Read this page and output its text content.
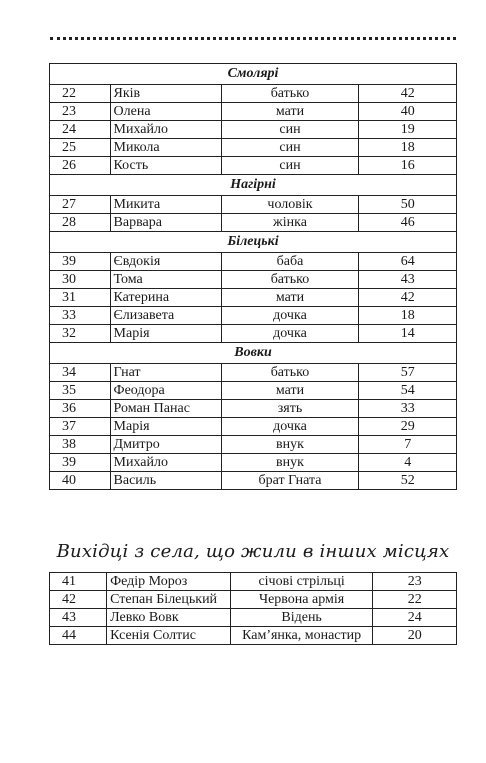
Смолярі			
22	Яків	батько	42
23	Олена	мати	40
24	Михайло	син	19
25	Микола	син	18
26	Кость	син	16
Нагірні			
27	Микита	чоловік	50
28	Варвара	жінка	46
Білецькі			
39	Євдокія	баба	64
30	Тома	батько	43
31	Катерина	мати	42
33	Єлизавета	дочка	18
32	Марія	дочка	14
Вовки			
34	Гнат	батько	57
35	Феодора	мати	54
36	Роман Панас	зять	33
37	Марія	дочка	29
38	Дмитро	внук	7
39	Михайло	внук	4
40	Василь	брат Гната	52
Вихідці з села, що жили в інших місцях
41	Федір Мороз	січові стрільці	23
42	Степан Білецький	Червона армія	22
43	Левко Вовк	Відень	24
44	Ксенія Солтис	Кам’янка, монастир	20
